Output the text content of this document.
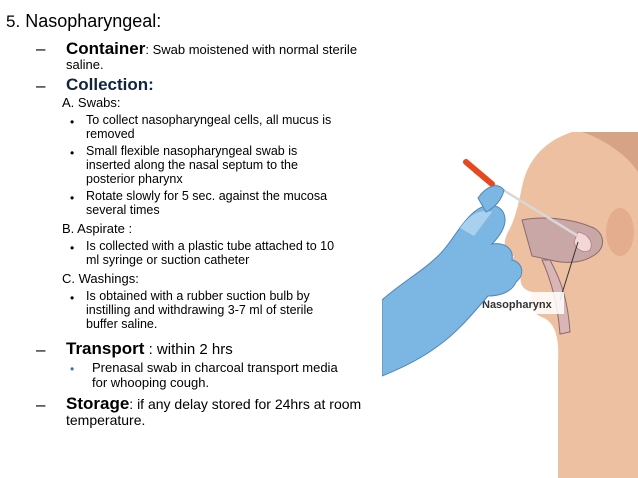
Nasopharynx
5. Nasopharyngeal:
– Container: Swab moistened with normal sterile
saline.
– Collection:
A. Swabs:
• To collect nasopharyngeal cells, all mucus is
removed
• Small flexible nasopharyngeal swab is
inserted along the nasal septum to the
posterior pharynx
• Rotate slowly for 5 sec. against the mucosa
several times
B. Aspirate :
• Is collected with a plastic tube attached to 10
ml syringe or suction catheter
C. Washings:
• Is obtained with a rubber suction bulb by
instilling and withdrawing 3-7 ml of sterile
buffer saline.
– Transport : within 2 hrs
• Prenasal swab in charcoal transport media
for whooping cough.
– Storage: if any delay stored for 24hrs at room
temperature.
